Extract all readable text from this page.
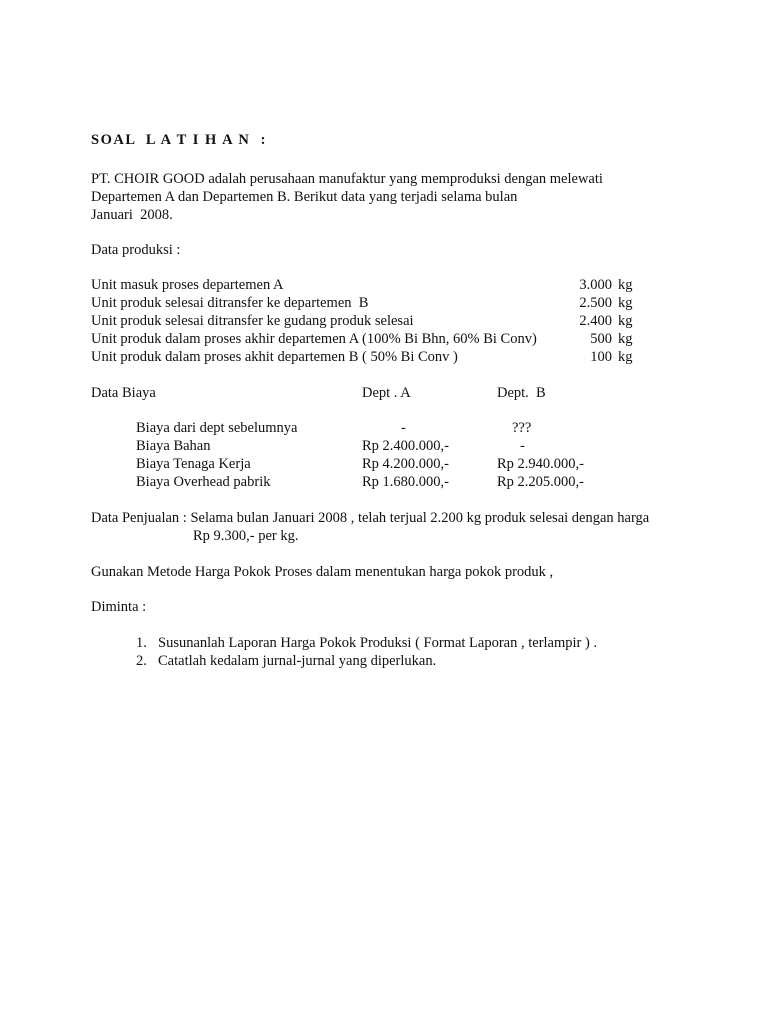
SOAL  L A T I H A N  :
PT. CHOIR GOOD adalah perusahaan manufaktur yang memproduksi dengan melewati
Departemen A dan Departemen B. Berikut data yang terjadi selama bulan
Januari  2008.
Data produksi :
Unit masuk proses departemen A	3.000 kg
Unit produk selesai ditransfer ke departemen  B	2.500 kg
Unit produk selesai ditransfer ke gudang produk selesai	2.400 kg
Unit produk dalam proses akhir departemen A (100% Bi Bhn, 60% Bi Conv)	500 kg
Unit produk dalam proses akhit departemen B ( 50% Bi Conv )	100 kg
Data Biaya	Dept . A	Dept.  B
Biaya dari dept sebelumnya	-	???
Biaya Bahan	Rp 2.400.000,-	-
Biaya Tenaga Kerja	Rp 4.200.000,-	Rp 2.940.000,-
Biaya Overhead pabrik	Rp 1.680.000,-	Rp 2.205.000,-
Data Penjualan : Selama bulan Januari 2008 , telah terjual 2.200 kg produk selesai dengan harga
Rp 9.300,- per kg.
Gunakan Metode Harga Pokok Proses dalam menentukan harga pokok produk ,
Diminta :
1. Susunanlah Laporan Harga Pokok Produksi ( Format Laporan , terlampir ) .
2. Catatlah kedalam jurnal-jurnal yang diperlukan.
